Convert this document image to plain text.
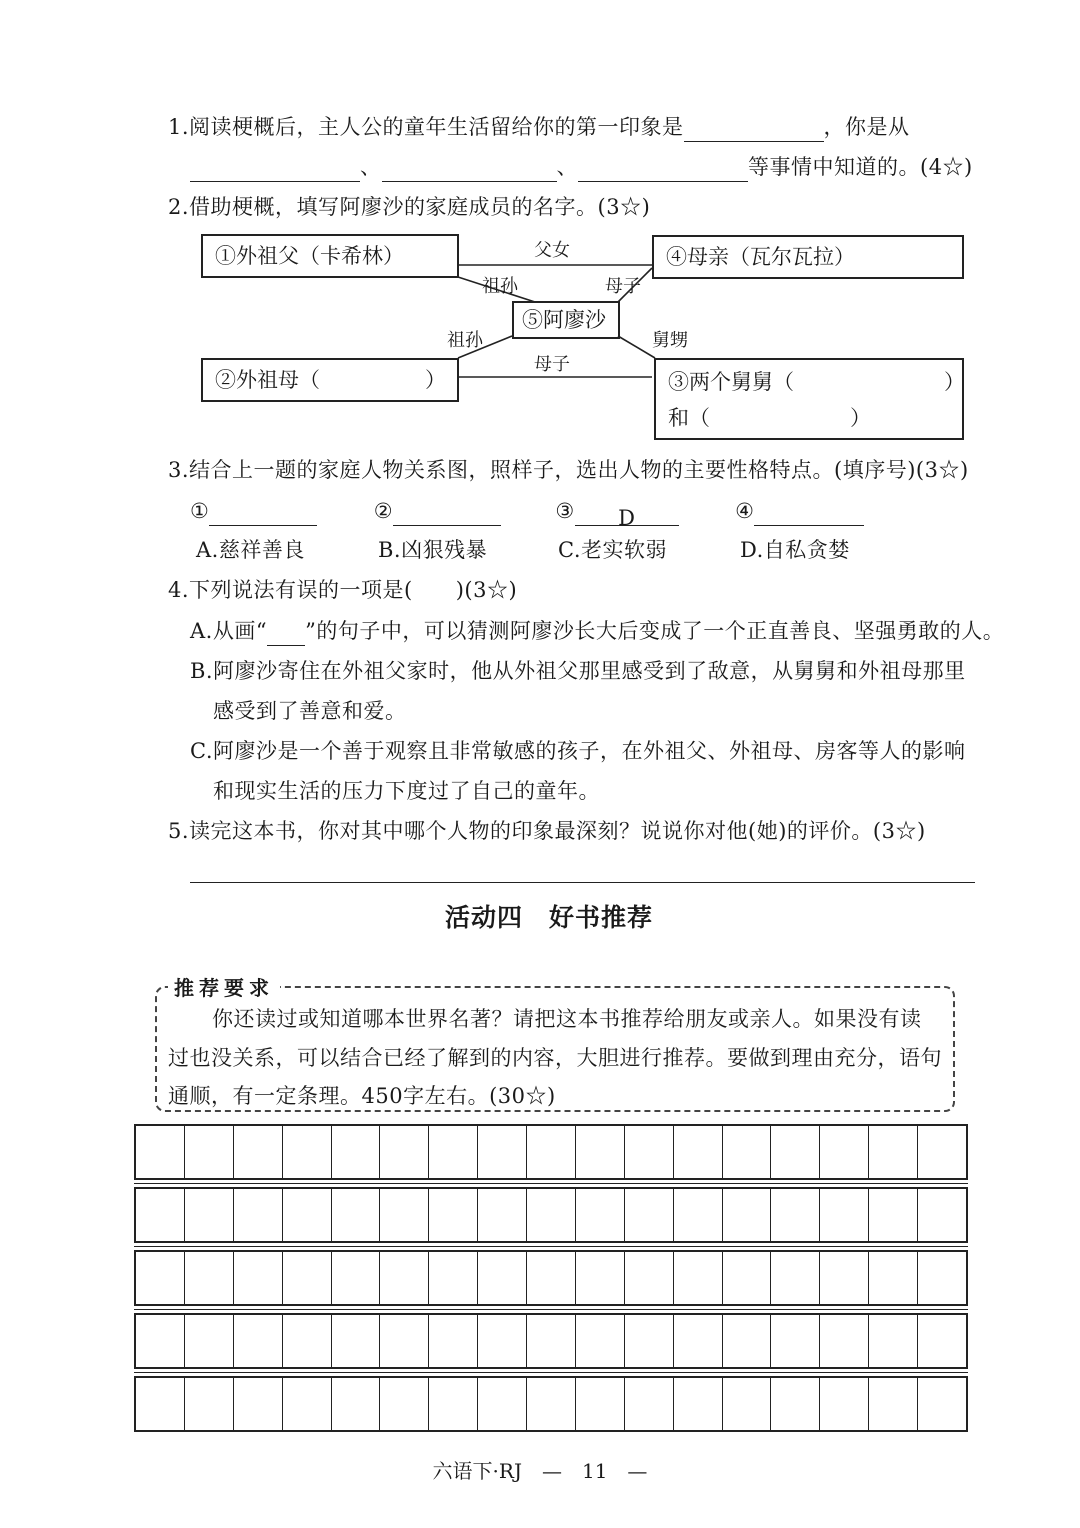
1.阅读梗概后，主人公的童年生活留给你的第一印象是	，你是从
、	、	等事情中知道的。(4☆)
2.借助梗概，填写阿廖沙的家庭成员的名字。(3☆)
①外祖父（卡希林）	④母亲（瓦尔瓦拉）
⑤阿廖沙
②外祖母（	）	③两个舅舅（	）
和（	）
父女
祖孙	母子
祖孙	舅甥
母子
3.结合上一题的家庭人物关系图，照样子，选出人物的主要性格特点。(填序号)(3☆)
①	②	③ D	④
A.慈祥善良	B.凶狠残暴	C.老实软弱	D.自私贪婪
4.下列说法有误的一项是(　　)(3☆)
A.从画“ ”的句子中，可以猜测阿廖沙长大后变成了一个正直善良、坚强勇敢的人。
B.阿廖沙寄住在外祖父家时，他从外祖父那里感受到了敌意，从舅舅和外祖母那里
感受到了善意和爱。
C.阿廖沙是一个善于观察且非常敏感的孩子，在外祖父、外祖母、房客等人的影响
和现实生活的压力下度过了自己的童年。
5.读完这本书，你对其中哪个人物的印象最深刻？说说你对他(她)的评价。(3☆)
活动四　好书推荐
推荐要求
你还读过或知道哪本世界名著？请把这本书推荐给朋友或亲人。如果没有读
过也没关系，可以结合已经了解到的内容，大胆进行推荐。要做到理由充分，语句
通顺，有一定条理。450字左右。(30☆)
六语下·RJ　—　11　—
